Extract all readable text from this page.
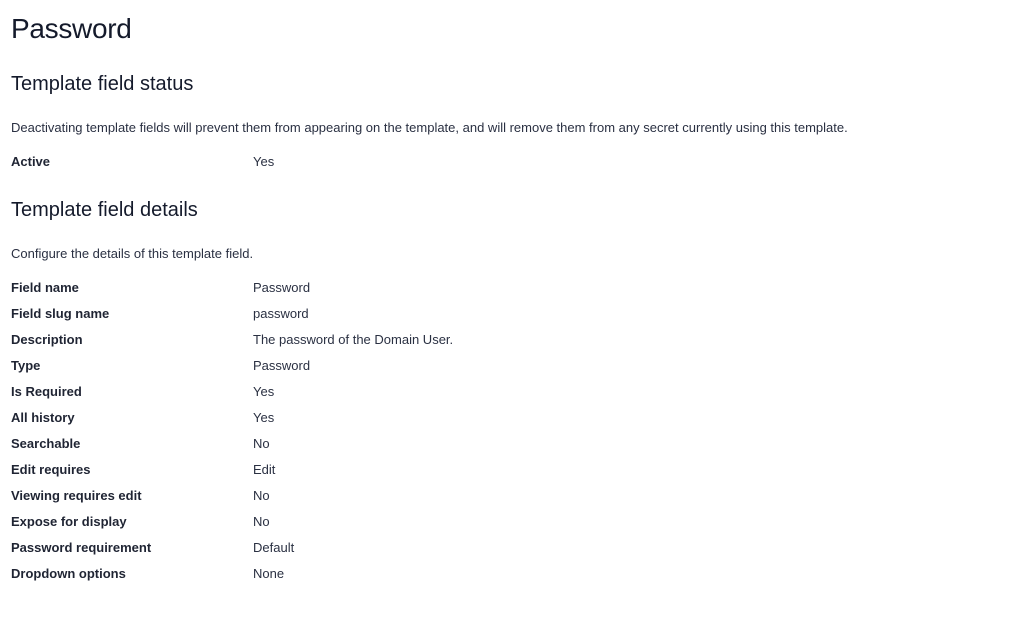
Password
Template field status

Deactivating template fields will prevent them from appearing on the template, and will remove them from any secret currently using this template.

Active	Yes
Template field details

Configure the details of this template field.

Field name	Password
Field slug name	password
Description	The password of the Domain User.
Type	Password
Is Required	Yes
All history	Yes
Searchable	No
Edit requires	Edit
Viewing requires edit	No
Expose for display	No
Password requirement	Default
Dropdown options	None
